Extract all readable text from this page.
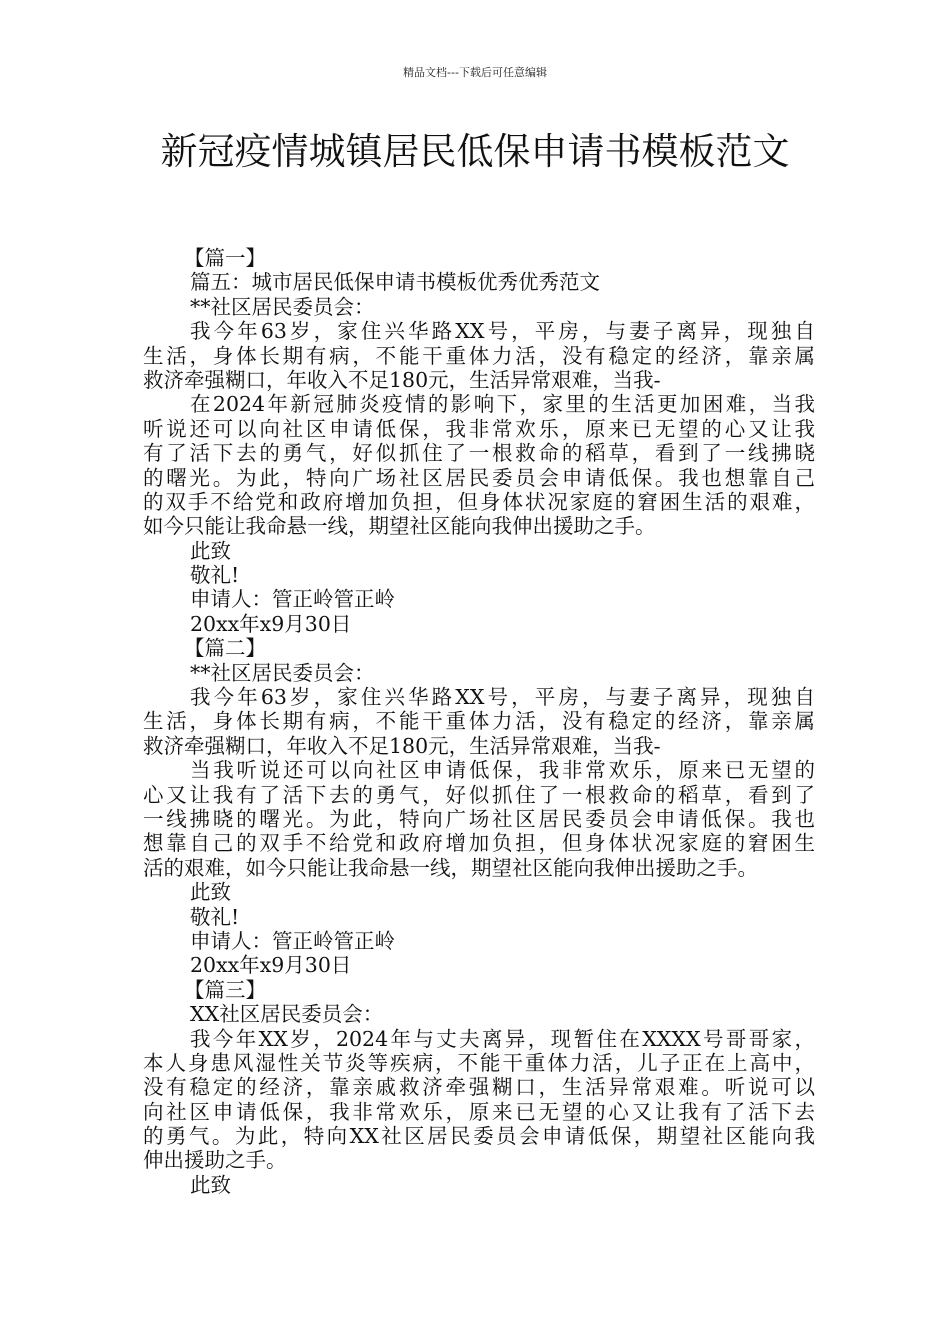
精品文档---下载后可任意编辑
新冠疫情城镇居民低保申请书模板范文
【篇一】
篇五：城市居民低保申请书模板优秀优秀范文
**社区居民委员会：
我今年63岁，家住兴华路XX号，平房，与妻子离异，现独自
生活，身体长期有病，不能干重体力活，没有稳定的经济，靠亲属
救济牵强糊口，年收入不足180元，生活异常艰难，当我-
在2024年新冠肺炎疫情的影响下，家里的生活更加困难，当我
听说还可以向社区申请低保，我非常欢乐，原来已无望的心又让我
有了活下去的勇气，好似抓住了一根救命的稻草，看到了一线拂晓
的曙光。为此，特向广场社区居民委员会申请低保。我也想靠自己
的双手不给党和政府增加负担，但身体状况家庭的窘困生活的艰难，
如今只能让我命悬一线，期望社区能向我伸出援助之手。
此致
敬礼!
申请人：管正岭管正岭
20xx年x9月30日
【篇二】
**社区居民委员会：
我今年63岁，家住兴华路XX号，平房，与妻子离异，现独自
生活，身体长期有病，不能干重体力活，没有稳定的经济，靠亲属
救济牵强糊口，年收入不足180元，生活异常艰难，当我-
当我听说还可以向社区申请低保，我非常欢乐，原来已无望的
心又让我有了活下去的勇气，好似抓住了一根救命的稻草，看到了
一线拂晓的曙光。为此，特向广场社区居民委员会申请低保。我也
想靠自己的双手不给党和政府增加负担，但身体状况家庭的窘困生
活的艰难，如今只能让我命悬一线，期望社区能向我伸出援助之手。
此致
敬礼!
申请人：管正岭管正岭
20xx年x9月30日
【篇三】
XX社区居民委员会：
我今年XX岁，2024年与丈夫离异，现暂住在XXXX号哥哥家，
本人身患风湿性关节炎等疾病，不能干重体力活，儿子正在上高中，
没有稳定的经济，靠亲戚救济牵强糊口，生活异常艰难。听说可以
向社区申请低保，我非常欢乐，原来已无望的心又让我有了活下去
的勇气。为此，特向XX社区居民委员会申请低保，期望社区能向我
伸出援助之手。
此致
